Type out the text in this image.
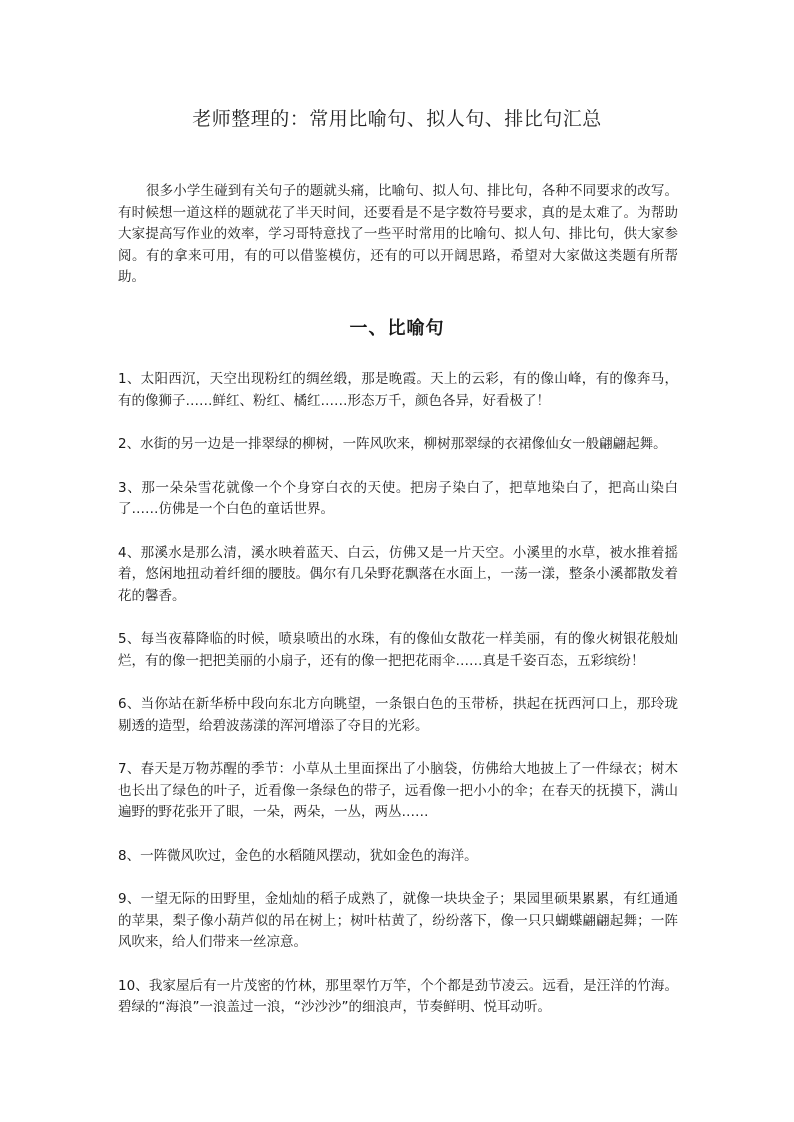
老师整理的：常用比喻句、拟人句、排比句汇总

很多小学生碰到有关句子的题就头痛，比喻句、拟人句、排比句，各种不同要求的改写。有时候想一道这样的题就花了半天时间，还要看是不是字数符号要求，真的是太难了。为帮助大家提高写作业的效率，学习哥特意找了一些平时常用的比喻句、拟人句、排比句，供大家参阅。有的拿来可用，有的可以借鉴模仿，还有的可以开阔思路，希望对大家做这类题有所帮助。

一、比喻句
1、太阳西沉，天空出现粉红的绸丝缎，那是晚霞。天上的云彩，有的像山峰，有的像奔马，有的像狮子……鲜红、粉红、橘红……形态万千，颜色各异，好看极了！
2、水街的另一边是一排翠绿的柳树，一阵风吹来，柳树那翠绿的衣裙像仙女一般翩翩起舞。
3、那一朵朵雪花就像一个个身穿白衣的天使。把房子染白了，把草地染白了，把高山染白了……仿佛是一个白色的童话世界。
4、那溪水是那么清，溪水映着蓝天、白云，仿佛又是一片天空。小溪里的水草，被水推着摇着，悠闲地扭动着纤细的腰肢。偶尔有几朵野花飘落在水面上，一荡一漾，整条小溪都散发着花的馨香。
5、每当夜幕降临的时候，喷泉喷出的水珠，有的像仙女散花一样美丽，有的像火树银花般灿烂，有的像一把把美丽的小扇子，还有的像一把把花雨伞……真是千姿百态，五彩缤纷！
6、当你站在新华桥中段向东北方向眺望，一条银白色的玉带桥，拱起在抚西河口上，那玲珑剔透的造型，给碧波荡漾的浑河增添了夺目的光彩。
7、春天是万物苏醒的季节：小草从土里面探出了小脑袋，仿佛给大地披上了一件绿衣；树木也长出了绿色的叶子，近看像一条绿色的带子，远看像一把小小的伞；在春天的抚摸下，满山遍野的野花张开了眼，一朵，两朵，一丛，两丛……
8、一阵微风吹过，金色的水稻随风摆动，犹如金色的海洋。
9、一望无际的田野里，金灿灿的稻子成熟了，就像一块块金子；果园里硕果累累，有红通通的苹果，梨子像小葫芦似的吊在树上；树叶枯黄了，纷纷落下，像一只只蝴蝶翩翩起舞；一阵风吹来，给人们带来一丝凉意。
10、我家屋后有一片茂密的竹林，那里翠竹万竿，个个都是劲节凌云。远看，是汪洋的竹海。碧绿的“海浪”一浪盖过一浪，“沙沙沙”的细浪声，节奏鲜明、悦耳动听。
